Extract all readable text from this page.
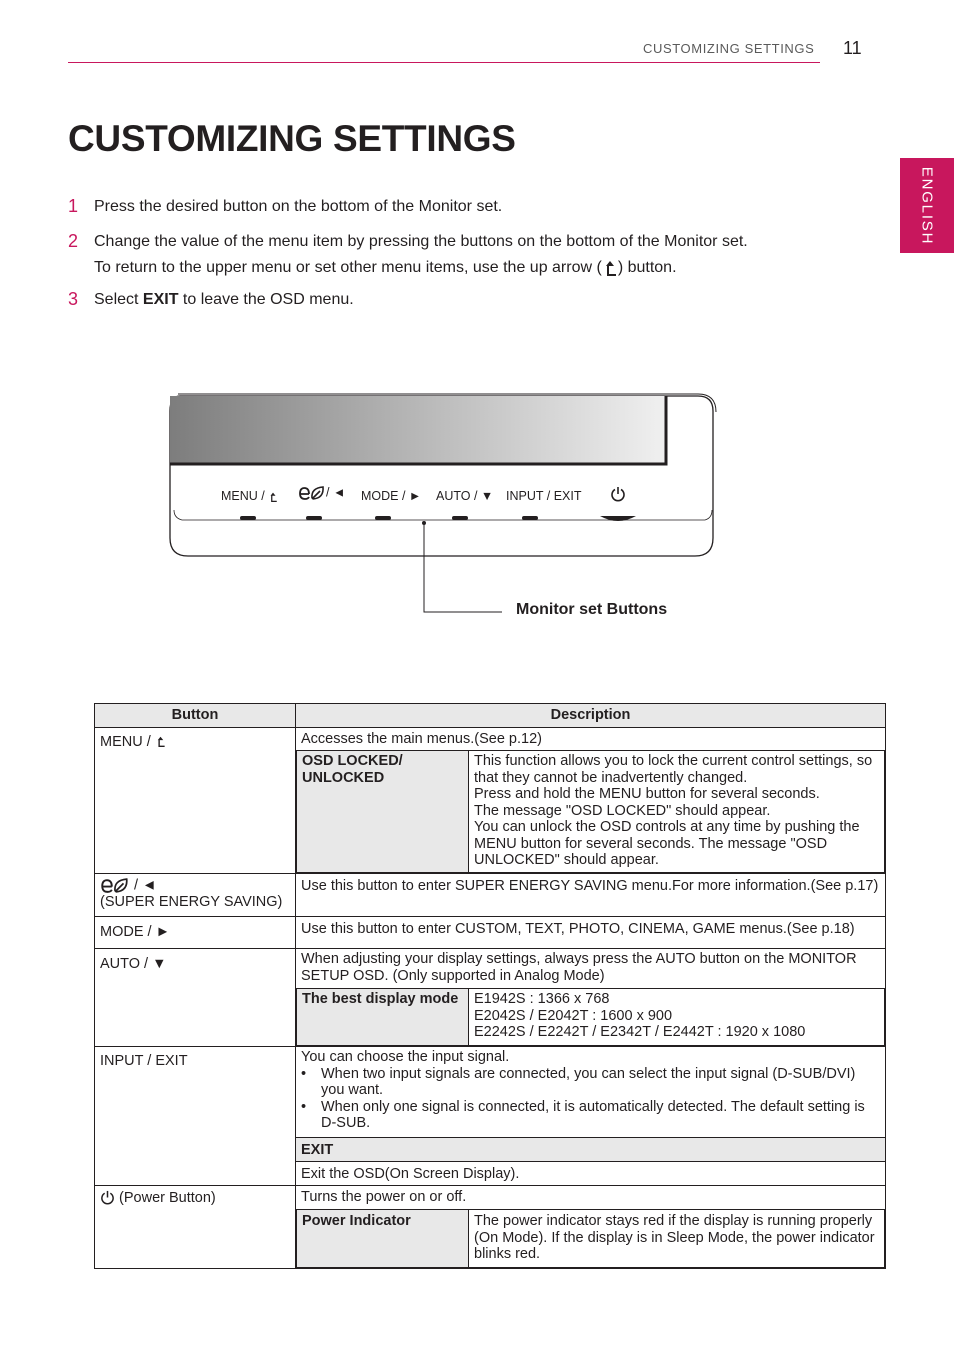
CUSTOMIZING SETTINGS 11
ENGLISH
CUSTOMIZING SETTINGS
1 Press the desired button on the bottom of the Monitor set.
2 Change the value of the menu item by pressing the buttons on the bottom of the Monitor set.
To return to the upper menu or set other menu items, use the up arrow ( ) button.
3 Select EXIT to leave the OSD menu.
MENU /	/ ◄ MODE / ► AUTO / ▼ INPUT / EXIT
Monitor set Buttons
Button	Description
MENU /	Accesses the main menus.(See p.12)
OSD LOCKED/ UNLOCKED	This function allows you to lock the current control settings, so that they cannot be inadvertently changed.
Press and hold the MENU button for several seconds.
The message "OSD LOCKED" should appear.
You can unlock the OSD controls at any time by pushing the MENU button for several seconds. The message "OSD UNLOCKED" should appear.

/ ◄
(SUPER ENERGY SAVING)	Use this button to enter SUPER ENERGY SAVING menu.For more information.(See p.17)
MODE / ►	Use this button to enter CUSTOM, TEXT, PHOTO, CINEMA, GAME menus.(See p.18)
AUTO / ▼	When adjusting your display settings, always press the AUTO button on the MONITOR SETUP OSD. (Only supported in Analog Mode)
The best display mode	E1942S : 1366 x 768
E2042S / E2042T : 1600 x 900
E2242S / E2242T / E2342T / E2442T : 1920 x 1080

INPUT / EXIT	You can choose the input signal.
•	When two input signals are connected, you can select the input signal (D-SUB/DVI) you want.
•	When only one signal is connected, it is automatically detected. The default setting is D-SUB.
EXIT
Exit the OSD(On Screen Display).

(Power Button)	Turns the power on or off.
Power Indicator	The power indicator stays red if the display is running properly (On Mode). If the display is in Sleep Mode, the power indicator blinks red.
